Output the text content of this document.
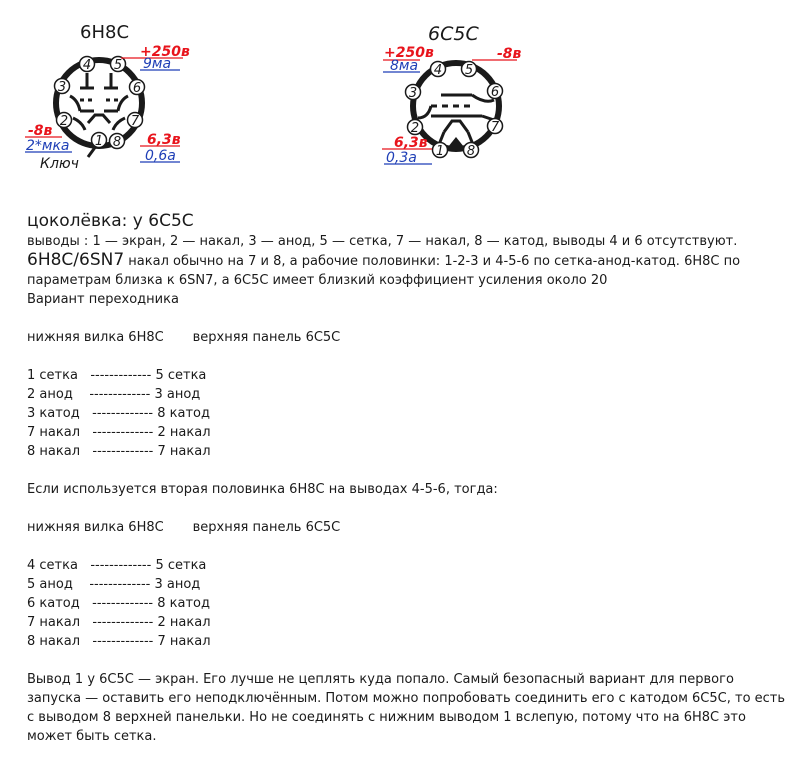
6Н8С
1
2
3
4 5
6
7
8
+250в
9ма
-8в
2*мка	6,3в
0,6а
Ключ
6С5С
1
2
3
4 5
6
7
8
+250в
8ма
-8в
6,3в
0,3а

цоколёвка: у 6С5С

выводы : 1 — экран, 2 — накал, 3 — анод, 5 — сетка, 7 — накал, 8 — катод, выводы 4 и 6 отсутствуют.

6Н8С/6SN7 накал обычно на 7 и 8, а рабочие половинки: 1-2-3 и 4-5-6 по сетка-анод-катод. 6Н8С по параметрам близка к 6SN7, а 6С5С имеет близкий коэффициент усиления около 20

Вариант переходника

нижняя вилка 6Н8С       верхняя панель 6С5С

1 сетка   ------------- 5 сетка

2 анод    ------------- 3 анод

3 катод   ------------- 8 катод

7 накал   ------------- 2 накал

8 накал   ------------- 7 накал

Если используется вторая половинка 6Н8С на выводах 4-5-6, тогда:

нижняя вилка 6Н8С       верхняя панель 6С5С

4 сетка   ------------- 5 сетка

5 анод    ------------- 3 анод

6 катод   ------------- 8 катод

7 накал   ------------- 2 накал

8 накал   ------------- 7 накал

Вывод 1 у 6С5С — экран. Его лучше не цеплять куда попало. Самый безопасный вариант для первого запуска — оставить его неподключённым. Потом можно попробовать соединить его с катодом 6С5С, то есть с выводом 8 верхней панельки. Но не соединять с нижним выводом 1 вслепую, потому что на 6Н8С это может быть сетка.
